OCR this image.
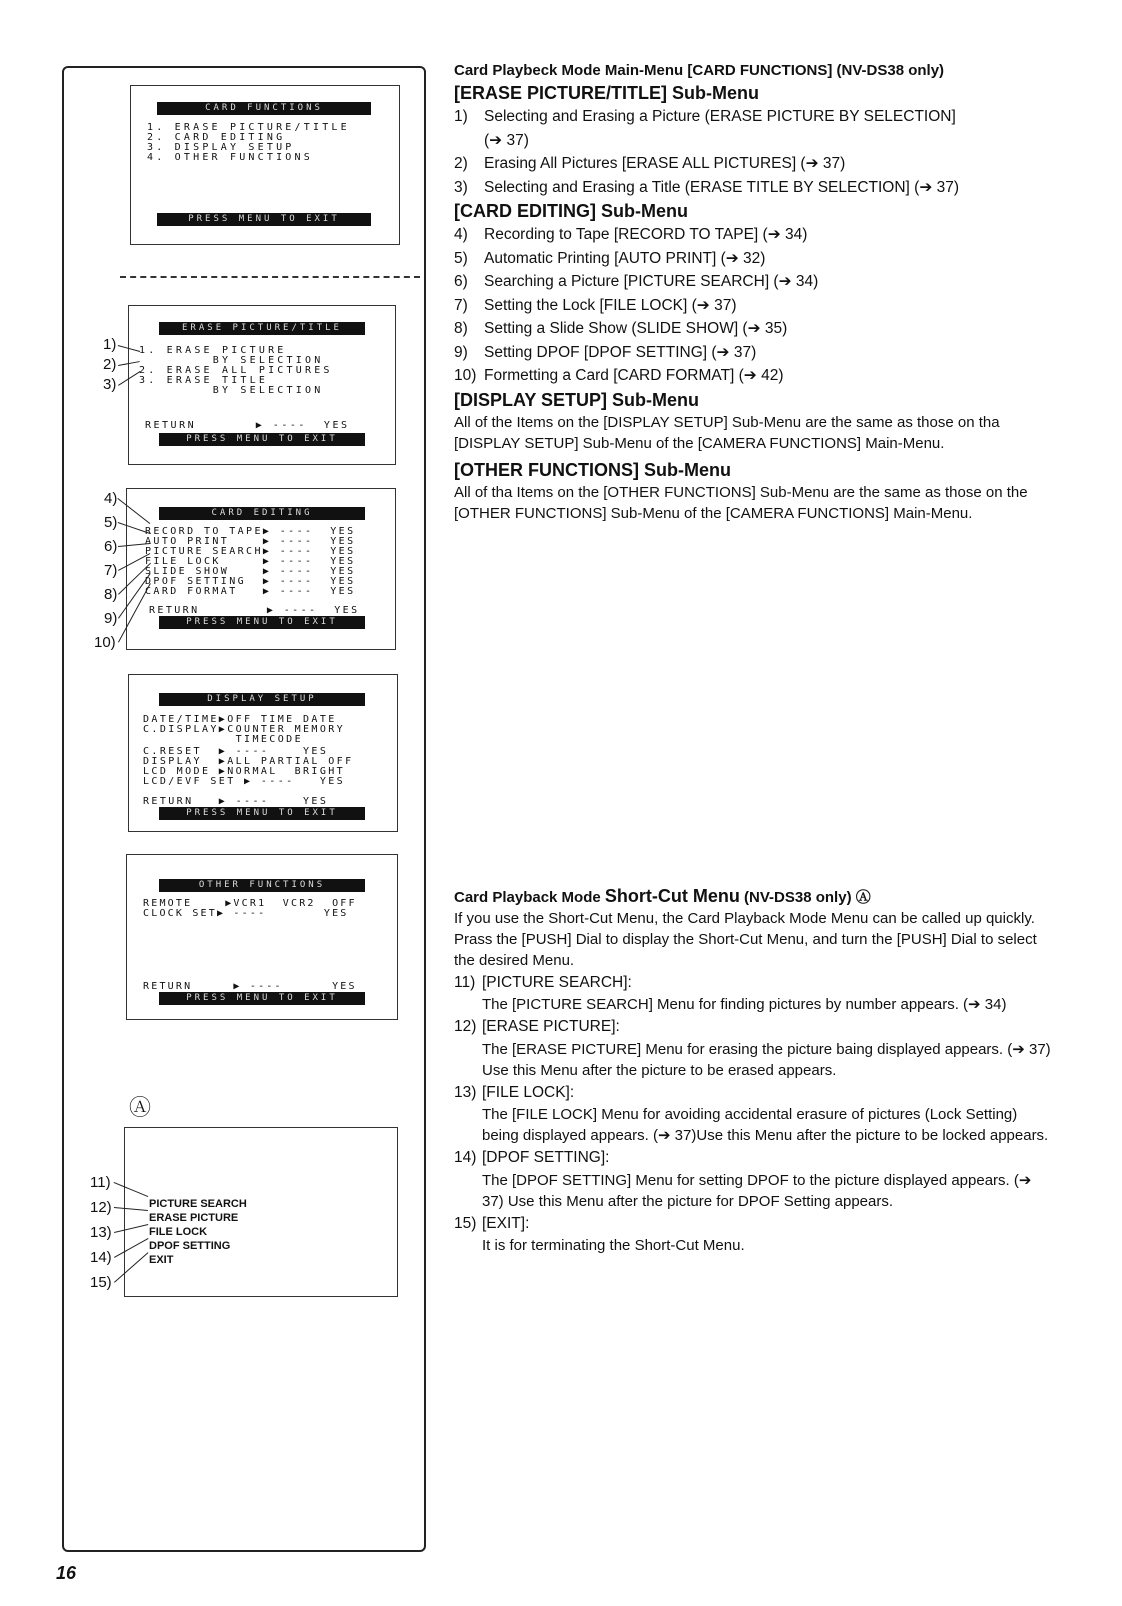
CARD FUNCTIONS
1. ERASE PICTURE/TITLE
2. CARD EDITING
3. DISPLAY SETUP
4. OTHER FUNCTIONS
PRESS MENU TO EXIT
ERASE PICTURE/TITLE
1. ERASE PICTURE
BY SELECTION
2. ERASE ALL PICTURES
3. ERASE TITLE
BY SELECTION
RETURN       ▶ ----  YES
PRESS MENU TO EXIT
1)
2)
3)
CARD EDITING
RECORD TO TAPE▶ ----  YES
AUTO PRINT    ▶ ----  YES
PICTURE SEARCH▶ ----  YES
FILE LOCK     ▶ ----  YES
SLIDE SHOW    ▶ ----  YES
DPOF SETTING  ▶ ----  YES
CARD FORMAT   ▶ ----  YES
RETURN        ▶ ----  YES
PRESS MENU TO EXIT
4)
5)
6)
7)
8)
9)
10)
DISPLAY SETUP
DATE/TIME▶OFF TIME DATE
C.DISPLAY▶COUNTER MEMORY
TIMECODE
C.RESET  ▶ ----    YES
DISPLAY  ▶ALL PARTIAL OFF
LCD MODE ▶NORMAL  BRIGHT
LCD/EVF SET ▶ ----   YES
RETURN   ▶ ----    YES
PRESS MENU TO EXIT
OTHER FUNCTIONS
REMOTE    ▶VCR1  VCR2  OFF
CLOCK SET▶ ----       YES
RETURN     ▶ ----      YES
PRESS MENU TO EXIT
Ⓐ
PICTURE SEARCH
ERASE PICTURE
FILE LOCK
DPOF SETTING
EXIT
11)
12)
13)
14)
15)

Card Playbeck Mode Main-Menu [CARD FUNCTIONS] (NV-DS38 only)

[ERASE PICTURE/TITLE] Sub-Menu

1)	Selecting and Erasing a Picture (ERASE PICTURE BY SELECTION]
(➔ 37)
2)	Erasing All Pictures [ERASE ALL PICTURES] (➔ 37)
3)	Selecting and Erasing a Title (ERASE TITLE BY SELECTION] (➔ 37)

[CARD EDITING] Sub-Menu

4)	Recording to Tape [RECORD TO TAPE] (➔ 34)
5)	Automatic Printing [AUTO PRINT] (➔ 32)
6)	Searching a Picture [PICTURE SEARCH] (➔ 34)
7)	Setting the Lock [FILE LOCK] (➔ 37)
8)	Setting a Slide Show (SLIDE SHOW] (➔ 35)
9)	Setting DPOF [DPOF SETTING] (➔ 37)
10) Formetting a Card [CARD FORMAT] (➔ 42)

[DISPLAY SETUP] Sub-Menu

All of the Items on the [DISPLAY SETUP] Sub-Menu are the same as those on tha [DISPLAY SETUP] Sub-Menu of the [CAMERA FUNCTIONS] Main-Menu.

[OTHER FUNCTIONS] Sub-Menu

All of tha Items on the [OTHER FUNCTIONS] Sub-Menu are the same as those on the [OTHER FUNCTIONS] Sub-Menu of the [CAMERA FUNCTIONS] Main-Menu.

Card Playback Mode Short-Cut Menu (NV-DS38 only) Ⓐ

If you use the Short-Cut Menu, the Card Playback Mode Menu can be called up quickly. Prass the [PUSH] Dial to display the Short-Cut Menu, and turn the [PUSH] Dial to select the desired Menu.

11) [PICTURE SEARCH]:

The [PICTURE SEARCH] Menu for finding pictures by number appears. (➔ 34)

12) [ERASE PICTURE]:

The [ERASE PICTURE] Menu for erasing the picture baing displayed appears. (➔ 37) Use this Menu after the picture to be erased appears.

13) [FILE LOCK]:

The [FILE LOCK] Menu for avoiding accidental erasure of pictures (Lock Setting) being displayed appears. (➔ 37)Use this Menu after the picture to be locked appears.

14) [DPOF SETTING]:

The [DPOF SETTING] Menu for setting DPOF to the picture displayed appears. (➔ 37) Use this Menu after the picture for DPOF Setting appears.

15) [EXIT]:

It is for terminating the Short-Cut Menu.

16
